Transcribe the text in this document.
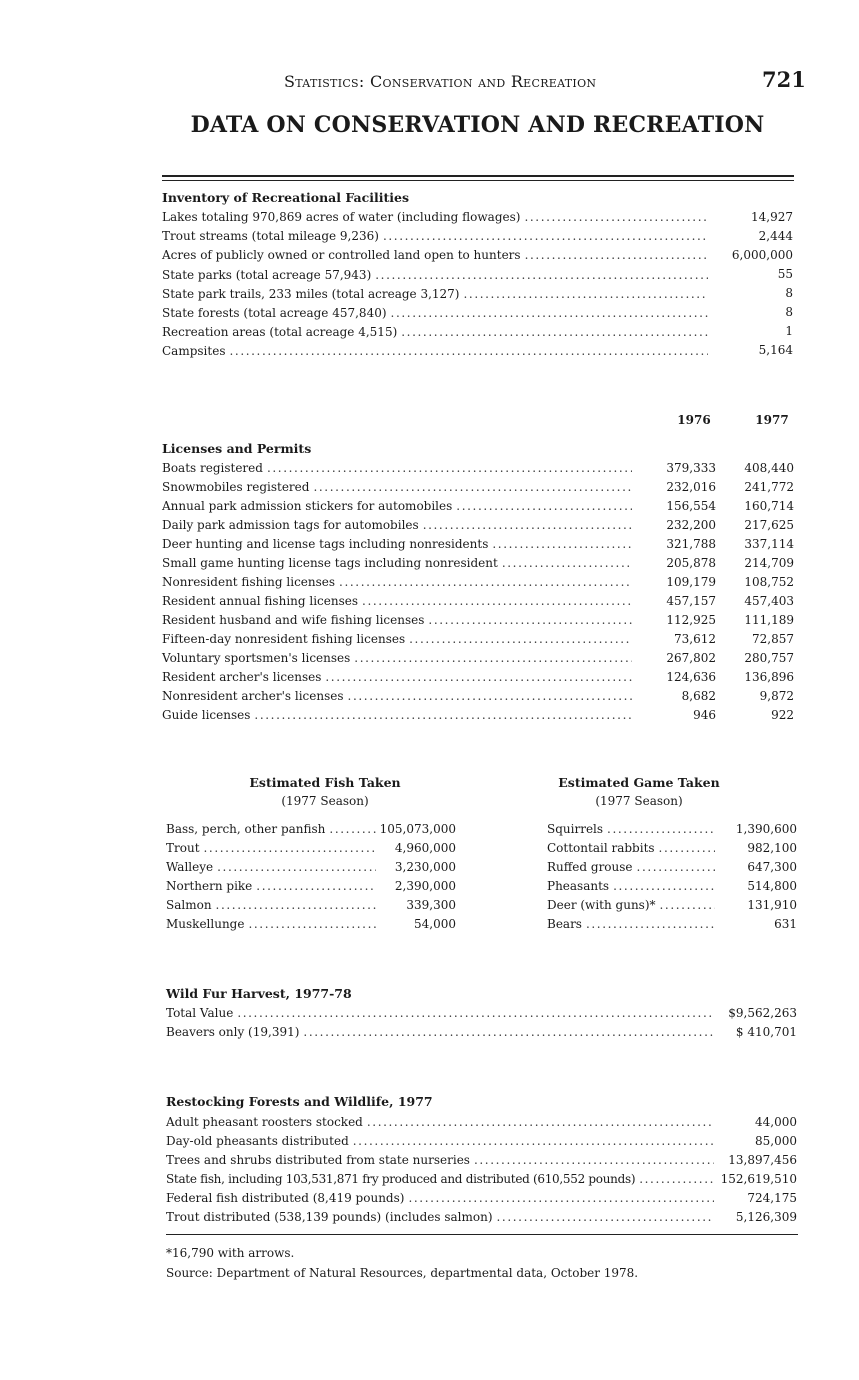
Statistics: Conservation and Recreation	721
DATA ON CONSERVATION AND RECREATION
Inventory of Recreational Facilities
Lakes totaling 970,869 acres of water (including flowages) .....	14,927
Trout streams (total mileage 9,236) .....	2,444
Acres of publicly owned or controlled land open to hunters .....	6,000,000
State parks (total acreage 57,943) .....	55
State park trails, 233 miles (total acreage 3,127) .....	8
State forests (total acreage 457,840) .....	8
Recreation areas (total acreage 4,515) .....	1
Campsites .....	5,164
1976	1977
Licenses and Permits
Boats registered .....	379,333	408,440
Snowmobiles registered .....	232,016	241,772
Annual park admission stickers for automobiles .....	156,554	160,714
Daily park admission tags for automobiles .....	232,200	217,625
Deer hunting and license tags including nonresidents .....	321,788	337,114
Small game hunting license tags including nonresident .....	205,878	214,709
Nonresident fishing licenses .....	109,179	108,752
Resident annual fishing licenses .....	457,157	457,403
Resident husband and wife fishing licenses .....	112,925	111,189
Fifteen-day nonresident fishing licenses .....	73,612	72,857
Voluntary sportsmen's licenses .....	267,802	280,757
Resident archer's licenses .....	124,636	136,896
Nonresident archer's licenses .....	8,682	9,872
Guide licenses .....	946	922
Estimated Fish Taken
(1977 Season)
Bass, perch, other panfish .....	105,073,000
Trout .....	4,960,000
Walleye .....	3,230,000
Northern pike .....	2,390,000
Salmon .....	339,300
Muskellunge .....	54,000
Estimated Game Taken
(1977 Season)
Squirrels .....	1,390,600
Cottontail rabbits .....	982,100
Ruffed grouse .....	647,300
Pheasants .....	514,800
Deer (with guns)* .....	131,910
Bears .....	631
Wild Fur Harvest, 1977-78
Total Value .....	$9,562,263
Beavers only (19,391) .....	$ 410,701
Restocking Forests and Wildlife, 1977
Adult pheasant roosters stocked .....	44,000
Day-old pheasants distributed .....	85,000
Trees and shrubs distributed from state nurseries .....	13,897,456
State fish, including 103,531,871 fry produced and distributed (610,552 pounds) .....	152,619,510
Federal fish distributed (8,419 pounds) .....	724,175
Trout distributed (538,139 pounds) (includes salmon) .....	5,126,309
*16,790 with arrows.
Source: Department of Natural Resources, departmental data, October 1978.
